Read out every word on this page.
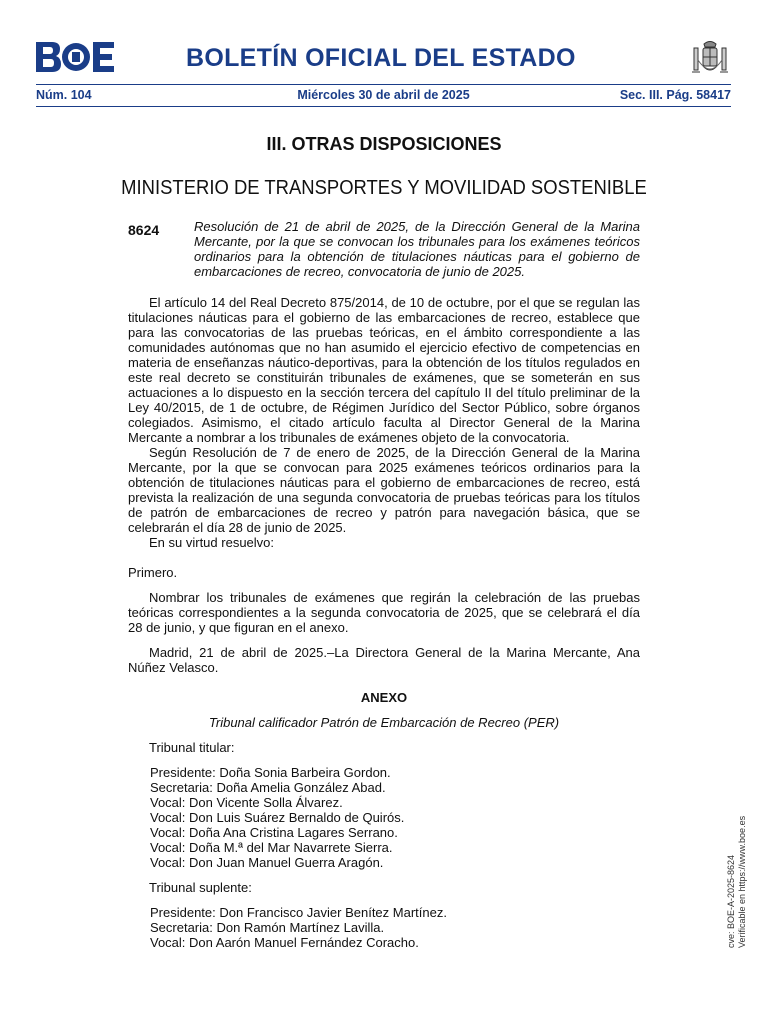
BOLETÍN OFICIAL DEL ESTADO
Miércoles 30 de abril de 2025
Núm. 104	Sec. III. Pág. 58417
III. OTRAS DISPOSICIONES
MINISTERIO DE TRANSPORTES Y MOVILIDAD SOSTENIBLE
8624	Resolución de 21 de abril de 2025, de la Dirección General de la Marina Mercante, por la que se convocan los tribunales para los exámenes teóricos ordinarios para la obtención de titulaciones náuticas para el gobierno de embarcaciones de recreo, convocatoria de junio de 2025.

El artículo 14 del Real Decreto 875/2014, de 10 de octubre, por el que se regulan las titulaciones náuticas para el gobierno de las embarcaciones de recreo, establece que para las convocatorias de las pruebas teóricas, en el ámbito correspondiente a las comunidades autónomas que no han asumido el ejercicio efectivo de competencias en materia de enseñanzas náutico-deportivas, para la obtención de los títulos regulados en este real decreto se constituirán tribunales de exámenes, que se someterán en sus actuaciones a lo dispuesto en la sección tercera del capítulo II del título preliminar de la Ley 40/2015, de 1 de octubre, de Régimen Jurídico del Sector Público, sobre órganos colegiados. Asimismo, el citado artículo faculta al Director General de la Marina Mercante a nombrar a los tribunales de exámenes objeto de la convocatoria.

Según Resolución de 7 de enero de 2025, de la Dirección General de la Marina Mercante, por la que se convocan para 2025 exámenes teóricos ordinarios para la obtención de titulaciones náuticas para el gobierno de embarcaciones de recreo, está prevista la realización de una segunda convocatoria de pruebas teóricas para los títulos de patrón de embarcaciones de recreo y patrón para navegación básica, que se celebrarán el día 28 de junio de 2025.

En su virtud resuelvo:

Primero.

Nombrar los tribunales de exámenes que regirán la celebración de las pruebas teóricas correspondientes a la segunda convocatoria de 2025, que se celebrará el día 28 de junio, y que figuran en el anexo.

Madrid, 21 de abril de 2025.–La Directora General de la Marina Mercante, Ana Núñez Velasco.

ANEXO

Tribunal calificador Patrón de Embarcación de Recreo (PER)

Tribunal titular:

Presidente: Doña Sonia Barbeira Gordon.
Secretaria: Doña Amelia González Abad.
Vocal: Don Vicente Solla Álvarez.
Vocal: Don Luis Suárez Bernaldo de Quirós.
Vocal: Doña Ana Cristina Lagares Serrano.
Vocal: Doña M.ª del Mar Navarrete Sierra.
Vocal: Don Juan Manuel Guerra Aragón.

Tribunal suplente:

Presidente: Don Francisco Javier Benítez Martínez.
Secretaria: Don Ramón Martínez Lavilla.
Vocal: Don Aarón Manuel Fernández Coracho.	cve: BOE-A-2025-8624 Verificable en https://www.boe.es
